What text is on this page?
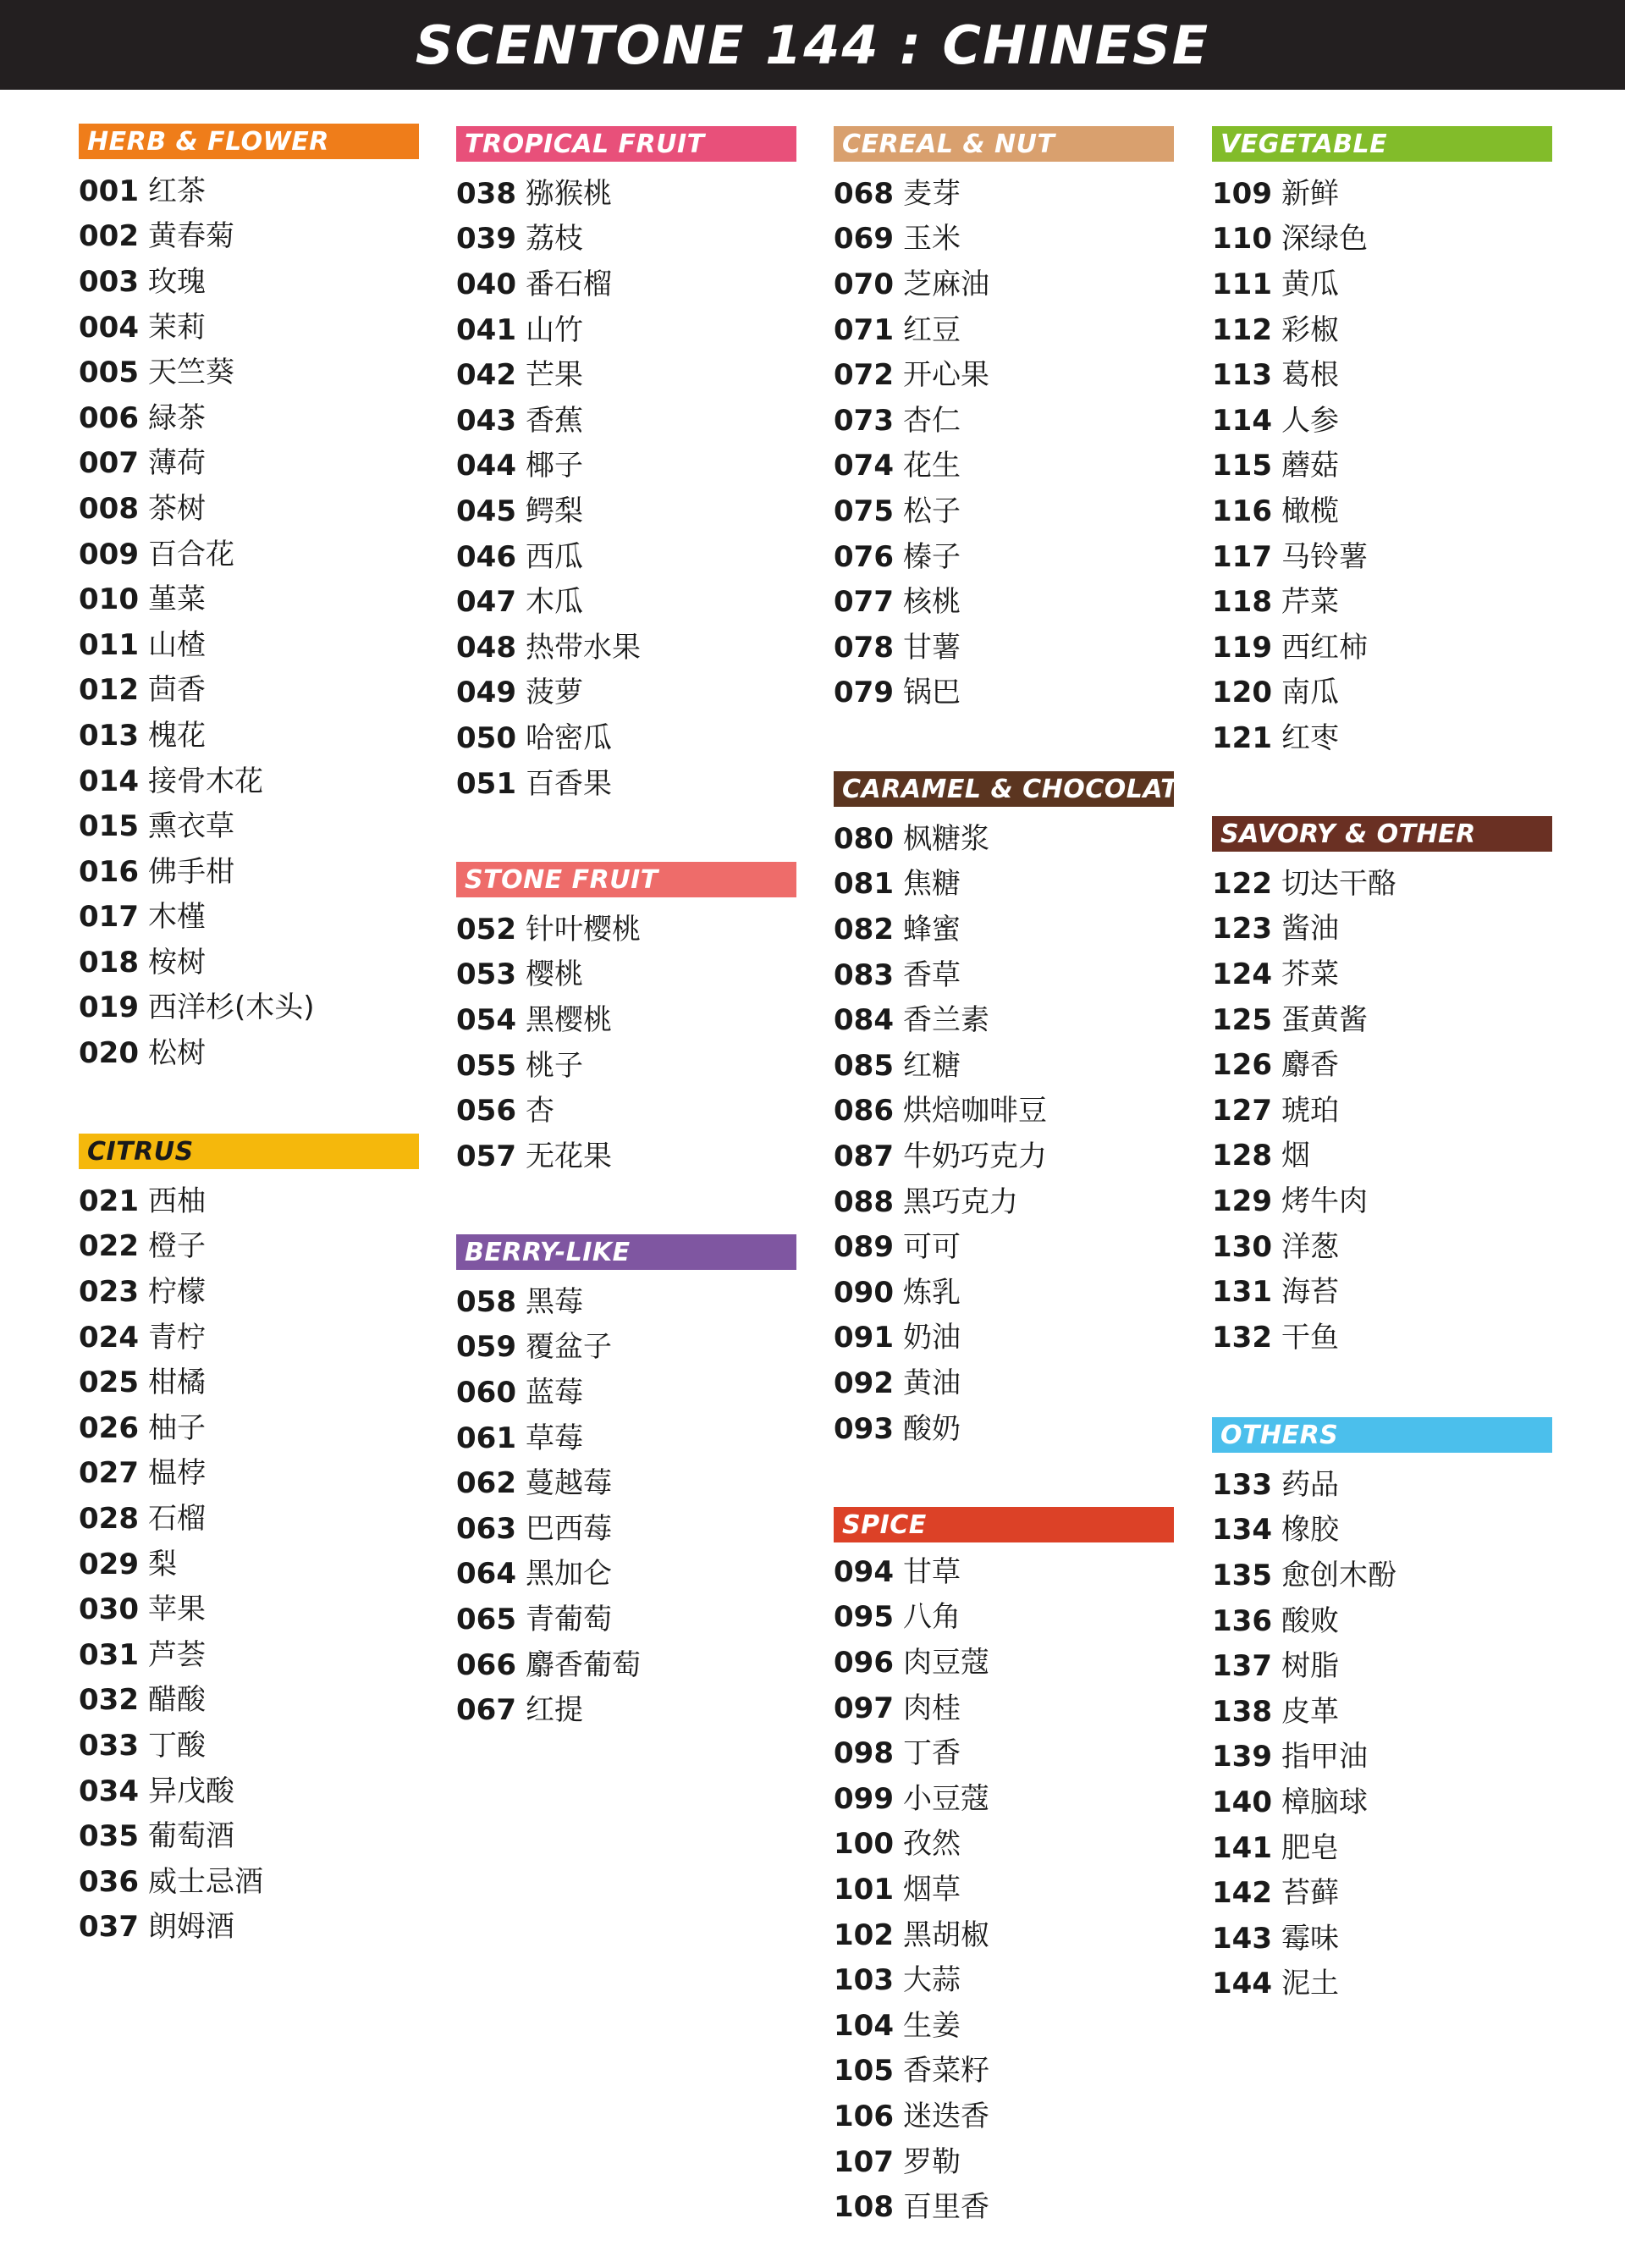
SCENTONE 144 : CHINESE
HERB & FLOWER
001 红茶
002 黄春菊
003 玫瑰
004 茉莉
005 天竺葵
006 緑茶
007 薄荷
008 茶树
009 百合花
010 堇菜
011 山楂
012 茴香
013 槐花
014 接骨木花
015 熏衣草
016 佛手柑
017 木槿
018 桉树
019 西洋杉(木头)
020 松树
CITRUS
021 西柚
022 橙子
023 柠檬
024 青柠
025 柑橘
026 柚子
027 榅桲
028 石榴
029 梨
030 苹果
031 芦荟
032 醋酸
033 丁酸
034 异戊酸
035 葡萄酒
036 威士忌酒
037 朗姆酒
TROPICAL FRUIT
038 猕猴桃
039 荔枝
040 番石榴
041 山竹
042 芒果
043 香蕉
044 椰子
045 鳄梨
046 西瓜
047 木瓜
048 热带水果
049 菠萝
050 哈密瓜
051 百香果
STONE FRUIT
052 针叶樱桃
053 樱桃
054 黑樱桃
055 桃子
056 杏
057 无花果
BERRY-LIKE
058 黑莓
059 覆盆子
060 蓝莓
061 草莓
062 蔓越莓
063 巴西莓
064 黑加仑
065 青葡萄
066 麝香葡萄
067 红提
CEREAL & NUT
068 麦芽
069 玉米
070 芝麻油
071 红豆
072 开心果
073 杏仁
074 花生
075 松子
076 榛子
077 核桃
078 甘薯
079 锅巴
CARAMEL & CHOCOLATE
080 枫糖浆
081 焦糖
082 蜂蜜
083 香草
084 香兰素
085 红糖
086 烘焙咖啡豆
087 牛奶巧克力
088 黑巧克力
089 可可
090 炼乳
091 奶油
092 黄油
093 酸奶
SPICE
094 甘草
095 八角
096 肉豆蔻
097 肉桂
098 丁香
099 小豆蔻
100 孜然
101 烟草
102 黑胡椒
103 大蒜
104 生姜
105 香菜籽
106 迷迭香
107 罗勒
108 百里香
VEGETABLE
109 新鲜
110 深绿色
111 黄瓜
112 彩椒
113 葛根
114 人参
115 蘑菇
116 橄榄
117 马铃薯
118 芹菜
119 西红柿
120 南瓜
121 红枣
SAVORY & OTHER
122 切达干酪
123 酱油
124 芥菜
125 蛋黄酱
126 麝香
127 琥珀
128 烟
129 烤牛肉
130 洋葱
131 海苔
132 干鱼
OTHERS
133 药品
134 橡胶
135 愈创木酚
136 酸败
137 树脂
138 皮革
139 指甲油
140 樟脑球
141 肥皂
142 苔藓
143 霉味
144 泥土
